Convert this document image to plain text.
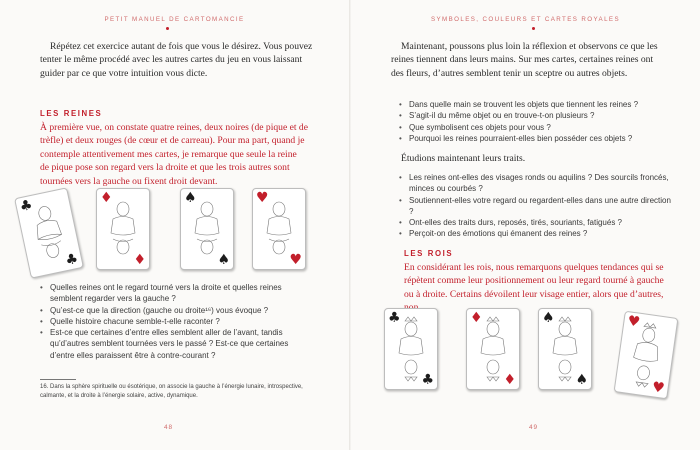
PETIT MANUEL DE CARTOMANCIE

Répétez cet exercice autant de fois que vous le désirez. Vous pouvez tenter le même procédé avec les autres cartes du jeu en vous laissant guider par ce que votre intuition vous dicte.

LES REINES

À première vue, on constate quatre reines, deux noires (de pique et de trèfle) et deux rouges (de cœur et de carreau). Pour ma part, quand je contemple attentivement mes cartes, je remarque que seule la reine de pique pose son regard vers la droite et que les trois autres sont tournées vers la gauche ou fixent droit devant.

♣
♣
♦
♦
♠
♠
♥
♥
• Quelles reines ont le regard tourné vers la droite et quelles reines semblent regarder vers la gauche ?
• Qu’est-ce que la direction (gauche ou droite¹⁶) vous évoque ?
• Quelle histoire chacune semble-t-elle raconter ?
• Est-ce que certaines d’entre elles semblent aller de l’avant, tandis qu’d’autres semblent tournées vers le passé ? Est-ce que certaines d’entre elles paraissent être à contre-courant ?

16. Dans la sphère spirituelle ou ésotérique, on associe la gauche à l’énergie lunaire, introspective, calmante, et la droite à l’énergie solaire, active, dynamique.

48
SYMBOLES, COULEURS ET CARTES ROYALES

Maintenant, poussons plus loin la réflexion et observons ce que les reines tiennent dans leurs mains. Sur mes cartes, certaines reines ont des fleurs, d’autres semblent tenir un sceptre ou autres objets.

• Dans quelle main se trouvent les objets que tiennent les reines ?
• S’agit-il du même objet ou en trouve-t-on plusieurs ?
• Que symbolisent ces objets pour vous ?
• Pourquoi les reines pourraient-elles bien posséder ces objets ?

Étudions maintenant leurs traits.

• Les reines ont-elles des visages ronds ou aquilins ? Des sourcils froncés, minces ou courbés ?
• Soutiennent-elles votre regard ou regardent-elles dans une autre direction ?
• Ont-elles des traits durs, reposés, tirés, souriants, fatigués ?
• Perçoit-on des émotions qui émanent des reines ?
LES ROIS

En considérant les rois, nous remarquons quelques tendances qui se répètent comme leur positionnement ou leur regard tourné à gauche ou à droite. Certains dévoilent leur visage entier, alors que d’autres,

♣
♣
♦
♦
♠
♠
♥
♥
49
